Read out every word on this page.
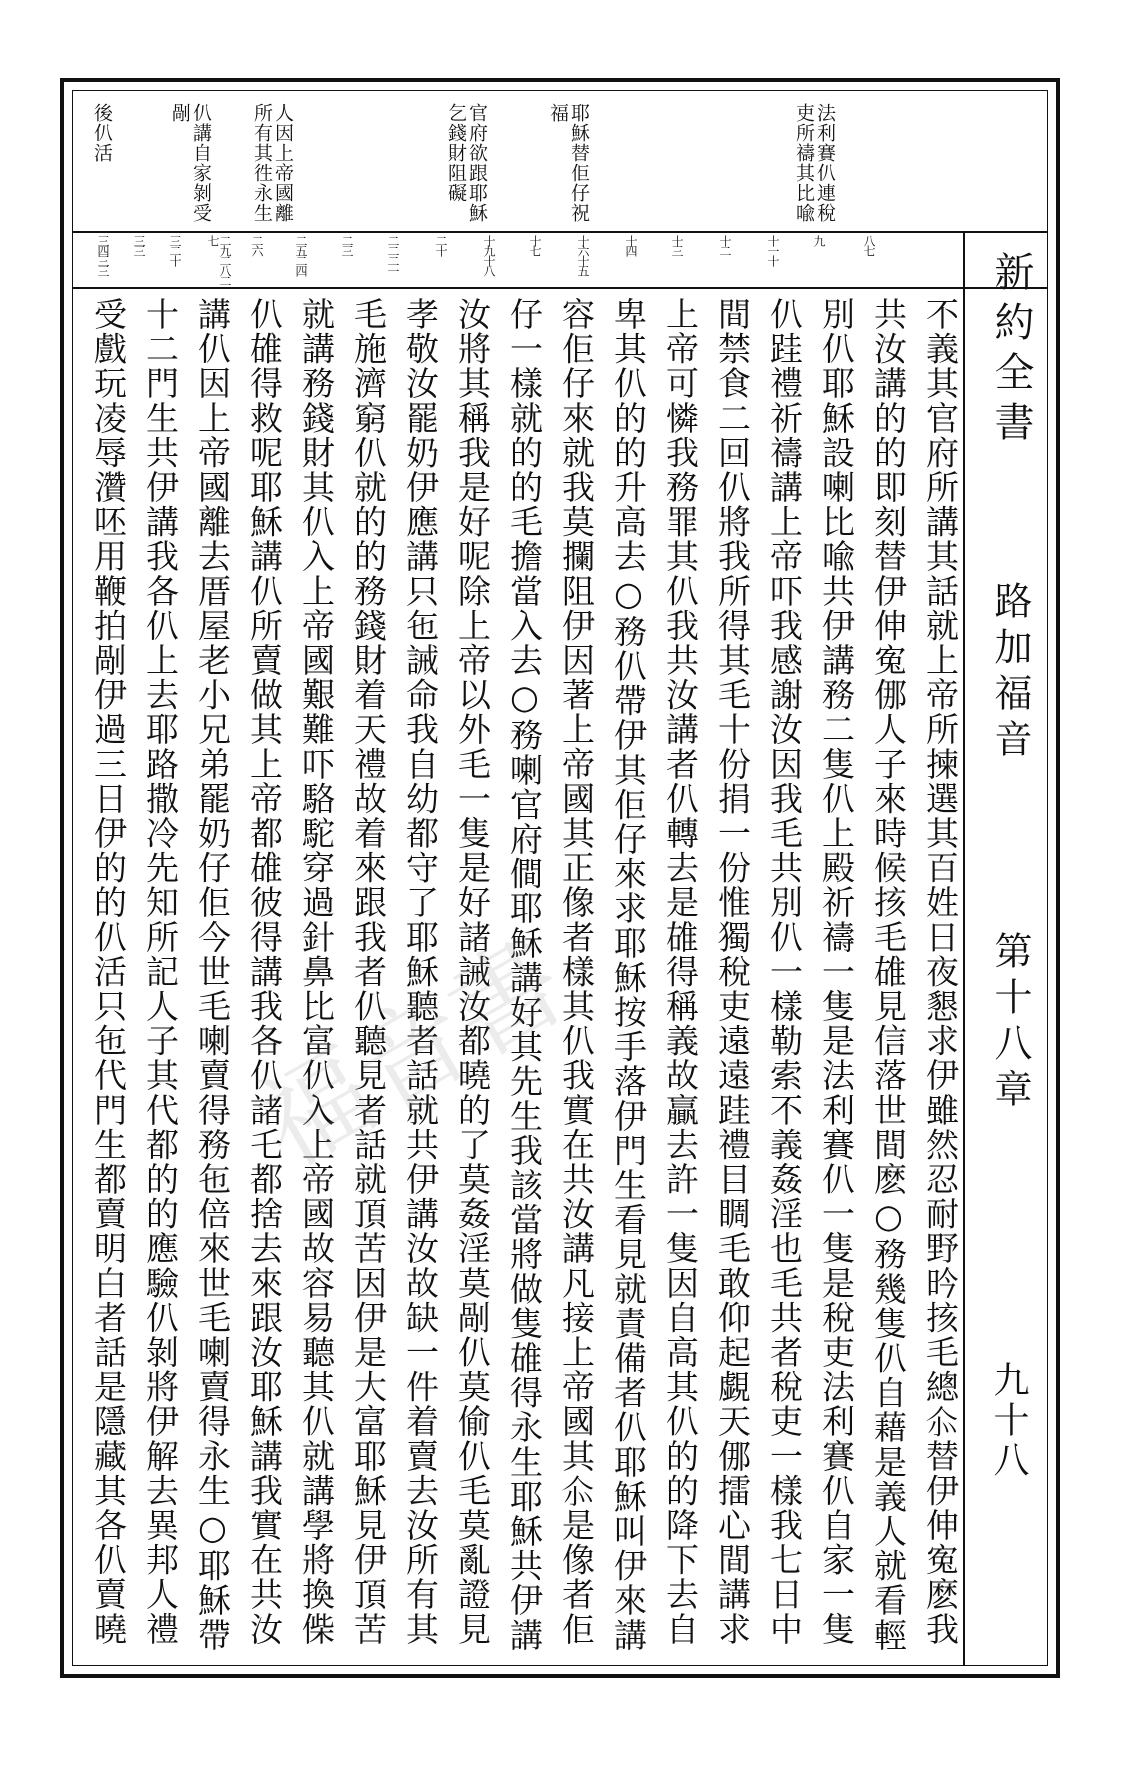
法利賽仈連稅吏所禱其比喩
耶穌替佢仔祝福
官府欲跟耶穌乞錢財阻礙
人因上帝國離所有其徃永生
仈講自家剝受剮
後仈活
八七
九
十一十
十二
十三
十四
十六十五
十七
十九十八
二十
二二二一
二三
二五二四
二六
二九二八二七
三二十
三三
三四三三	新約全書
路加福音
第十八章
九十八
不義其官府所講其話就上帝所揀選其百姓日夜懇求伊雖然忍耐野昑㧡毛總𠇍替伊伸寃麽我
共汝講的的即刻替伊伸寃㑚人子來時候㧡毛䧺見信落世間麽○務幾隻仈自藉是義人就看輕
別仈耶穌設喇比喩共伊講務二隻仈上殿祈禱一隻是法利賽仈一隻是稅吏法利賽仈自家一隻
仈跬禮祈禱講上帝吓我感謝汝因我毛共別仈一樣勒索不義姦淫也毛共者稅吏一樣我七日中
間禁食二回仈將我所得其毛十份捐一份惟獨稅吏遠遠跬禮目睭毛敢仰起覷天㑚擂心間講求
上帝可憐我務罪其仈我共汝講者仈轉去是䧺得稱義故贏去許一隻因自高其仈的的降下去自
卑其仈的的升高去○務仈帶伊其佢仔來求耶穌按手落伊門生看見就責備者仈耶穌叫伊來講
容佢仔來就我莫攔阻伊因著上帝國其正像者樣其仈我實在共汝講凡接上帝國其𠇍是像者佢
仔一樣就的的毛擔當入去○務喇官府僴耶穌講好其先生我該當將做隻䧺得永生耶穌共伊講
汝將其稱我是好呢除上帝以外毛一隻是好諸誡汝都曉的了莫姦淫莫剮仈莫偷仈毛莫亂證見
孝敬汝罷奶伊應講只㐌誡命我自幼都守了耶穌聽者話就共伊講汝故缺一件着賣去汝所有其
毛施濟窮仈就的的務錢財着天禮故着來跟我者仈聽見者話就頂苦因伊是大富耶穌見伊頂苦
就講務錢財其仈入上帝國艱難吓駱駝穿過針鼻比富仈入上帝國故容易聽其仈就講學將換偨
仈䧺得救呢耶穌講仈所賣做其上帝都䧺彼得講我各仈諸乇都捨去來跟汝耶穌講我實在共汝
講仈因上帝國離去厝屋老小兄弟罷奶仔佢今世毛喇賣得務㐌倍來世毛喇賣得永生○耶穌帶
十二門生共伊講我各仈上去耶路撒冷先知所記人子其代都的的應驗仈剝將伊解去異邦人禮
受戲玩凌辱灒呸用鞭拍剮伊過三日伊的的仈活只㐌代門生都賣明白者話是隱藏其各仈賣曉 福音書
